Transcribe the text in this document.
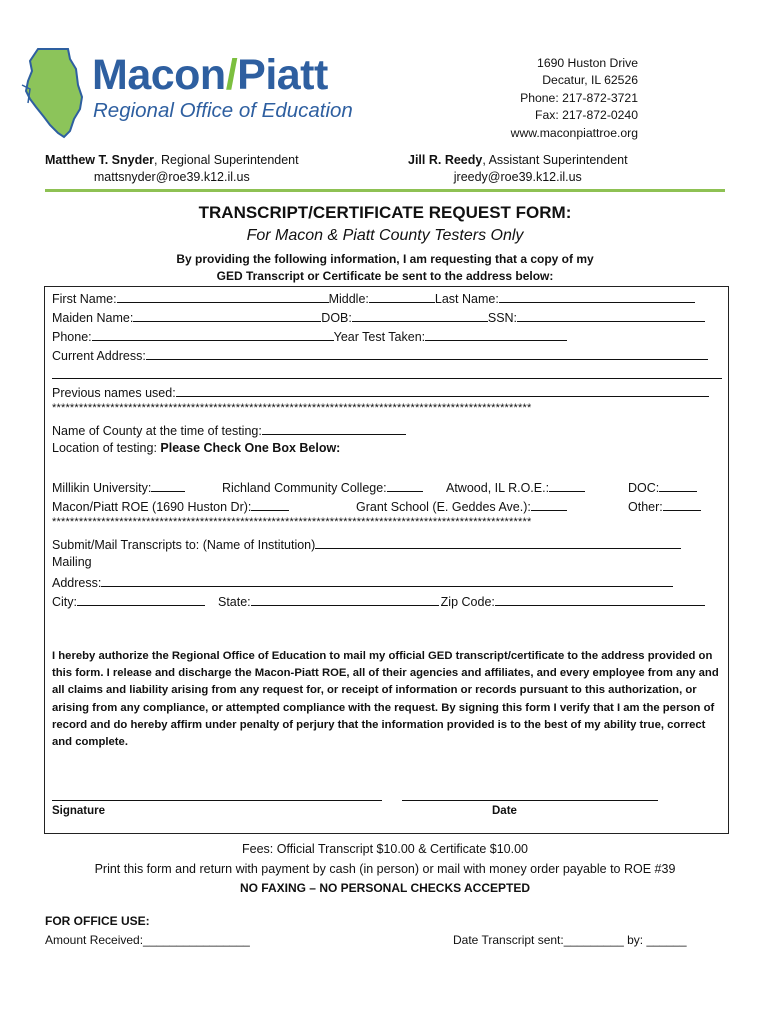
Macon/Piatt
Regional Office of Education
1690 Huston Drive
Decatur, IL 62526
Phone: 217-872-3721
Fax: 217-872-0240
www.maconpiattroe.org
Matthew T. Snyder, Regional Superintendent
mattsnyder@roe39.k12.il.us
Jill R. Reedy, Assistant Superintendent
jreedy@roe39.k12.il.us
TRANSCRIPT/CERTIFICATE REQUEST FORM:
For Macon & Piatt County Testers Only
By providing the following information, I am requesting that a copy of my
GED Transcript or Certificate be sent to the address below:
First Name:	Middle:	Last Name:
Maiden Name:	DOB:	SSN:
Phone:	Year Test Taken:
Current Address:
Previous names used:
***********************************************************************************************************
Name of County at the time of testing:
Location of testing: Please Check One Box Below:
Millikin University:	Richland Community College:	Atwood, IL R.O.E.:	DOC:
Macon/Piatt ROE (1690 Huston Dr):	Grant School (E. Geddes Ave.):	Other:
***********************************************************************************************************
Submit/Mail Transcripts to: (Name of Institution)
Mailing
Address:
City:	State:	Zip Code:
I hereby authorize the Regional Office of Education to mail my official GED transcript/certificate to the address provided on this form. I release and discharge the Macon-Piatt ROE, all of their agencies and affiliates, and every employee from any and all claims and liability arising from any request for, or receipt of information or records pursuant to this authorization, or arising from any compliance, or attempted compliance with the request. By signing this form I verify that I am the person of record and do hereby affirm under penalty of perjury that the information provided is to the best of my ability true, correct and complete.
Signature	Date
Fees: Official Transcript $10.00 & Certificate $10.00
Print this form and return with payment by cash (in person) or mail with money order payable to ROE #39
NO FAXING – NO PERSONAL CHECKS ACCEPTED
FOR OFFICE USE:
Amount Received:________________	Date Transcript sent:_________ by: ______
